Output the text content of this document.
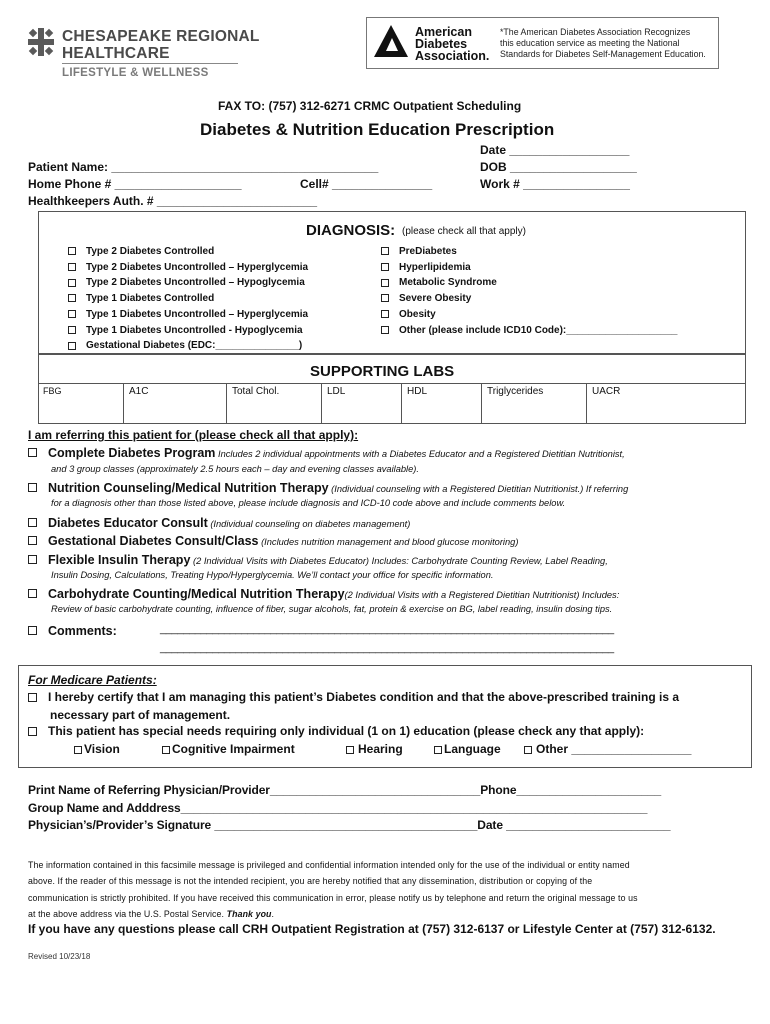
CHESAPEAKE REGIONAL
HEALTHCARE
LIFESTYLE & WELLNESS
American
Diabetes
Association.
*The American Diabetes Association Recognizes
this education service as meeting the National
Standards for Diabetes Self-Management Education.
FAX TO: (757) 312-6271 CRMC Outpatient Scheduling
Diabetes & Nutrition Education Prescription
Date __________________
Patient Name: ________________________________________	DOB ___________________
Home Phone # ___________________	Cell# _______________	Work # ________________
Healthkeepers Auth. # ________________________
DIAGNOSIS: (please check all that apply)
Type 2 Diabetes Controlled
Type 2 Diabetes Uncontrolled – Hyperglycemia
Type 2 Diabetes Uncontrolled – Hypoglycemia
Type 1 Diabetes Controlled
Type 1 Diabetes Uncontrolled – Hyperglycemia
Type 1 Diabetes Uncontrolled - Hypoglycemia
Gestational Diabetes (EDC:_______________)
PreDiabetes
Hyperlipidemia
Metabolic Syndrome
Severe Obesity
Obesity
Other (please include ICD10 Code):____________________
SUPPORTING LABS
FBG	A1C	Total Chol.	LDL	HDL	Triglycerides	UACR
I am referring this patient for (please check all that apply):
Complete Diabetes Program Includes 2 individual appointments with a Diabetes Educator and a Registered Dietitian Nutritionist,
and 3 group classes (approximately 2.5 hours each – day and evening classes available).
Nutrition Counseling/Medical Nutrition Therapy (Individual counseling with a Registered Dietitian Nutritionist.) If referring
for a diagnosis other than those listed above, please include diagnosis and ICD-10 code above and include comments below.
Diabetes Educator Consult (Individual counseling on diabetes management)
Gestational Diabetes Consult/Class (Includes nutrition management and blood glucose monitoring)
Flexible Insulin Therapy (2 Individual Visits with Diabetes Educator) Includes: Carbohydrate Counting Review, Label Reading,
Insulin Dosing, Calculations, Treating Hypo/Hyperglycemia. We’ll contact your office for specific information.
Carbohydrate Counting/Medical Nutrition Therapy(2 Individual Visits with a Registered Dietitian Nutritionist) Includes:
Review of basic carbohydrate counting, influence of fiber, sugar alcohols, fat, protein & exercise on BG, label reading, insulin dosing tips.
Comments:	______________________________________________________________________________
______________________________________________________________________________
For Medicare Patients:
I hereby certify that I am managing this patient’s Diabetes condition and that the above-prescribed training is a
necessary part of management.
This patient has special needs requiring only individual (1 on 1) education (please check any that apply):
Vision	Cognitive Impairment	Hearing	Language	Other __________________
Print Name of Referring Physician/Provider________________________________Phone______________________
Group Name and Adddress_______________________________________________________________________
Physician’s/Provider’s Signature ________________________________________Date _________________________
The information contained in this facsimile message is privileged and confidential information intended only for the use of the individual or entity named
above. If the reader of this message is not the intended recipient, you are hereby notified that any dissemination, distribution or copying of the
communication is strictly prohibited. If you have received this communication in error, please notify us by telephone and return the original message to us
at the above address via the U.S. Postal Service. Thank you.
If you have any questions please call CRH Outpatient Registration at (757) 312-6137 or Lifestyle Center at (757) 312-6132.
Revised 10/23/18
